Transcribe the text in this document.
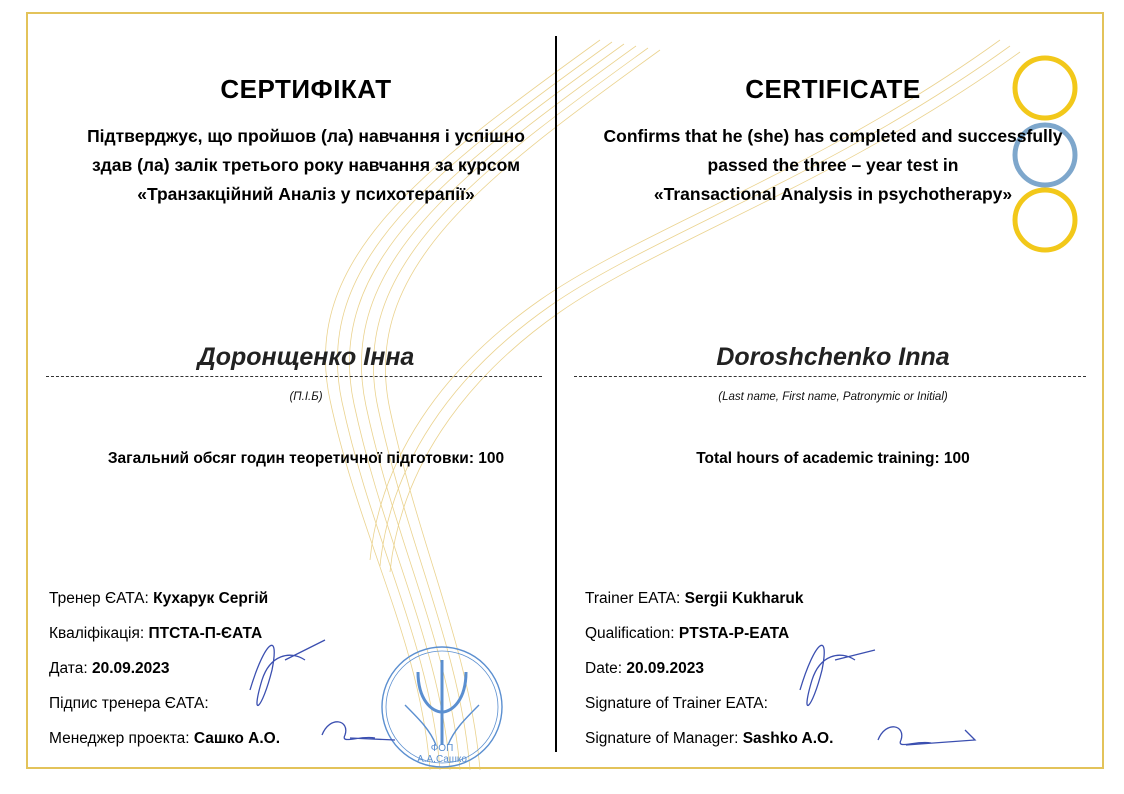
СЕРТИФІКАТ
Підтверджує, що пройшов (ла) навчання і успішно
здав (ла) залік третього року навчання за курсом
«Транзакційний Аналіз у психотерапії»
Доронщенко Інна
(П.І.Б)
Загальний обсяг годин теоретичної підготовки: 100
Тренер ЄАТА: Кухарук Сергій
Кваліфікація: ПТСТА-П-ЄАТА
Дата: 20.09.2023
Підпис тренера ЄАТА:
Менеджер проекта: Сашко А.О.
CERTIFICATE
Confirms that he (she) has completed and successfully
passed the three – year test in
«Transactional Analysis in psychotherapy»
Doroshchenko Inna
(Last name, First name, Patronymic or Initial)
Total hours of academic training: 100
Trainer EATA: Sergii Kukharuk
Qualification: PTSTA-P-EATA
Date: 20.09.2023
Signature of Trainer EATA:
Signature of Manager: Sashko A.O.
ФОП
А.А.Сашко
